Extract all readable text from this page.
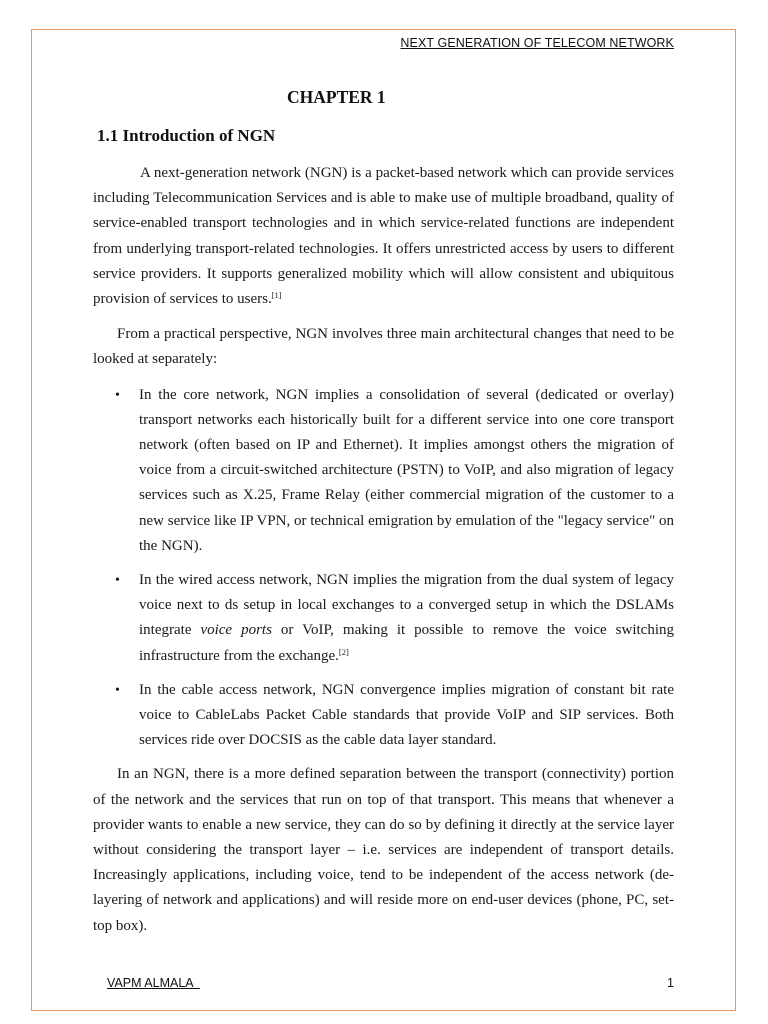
NEXT GENERATION OF TELECOM NETWORK
CHAPTER 1
1.1 Introduction of NGN

A next-generation network (NGN) is a packet-based network which can provide services including Telecommunication Services and is able to make use of multiple broadband, quality of service-enabled transport technologies and in which service-related functions are independent from underlying transport-related technologies. It offers unrestricted access by users to different service providers. It supports generalized mobility which will allow consistent and ubiquitous provision of services to users.[1]

From a practical perspective, NGN involves three main architectural changes that need to be looked at separately:

• In the core network, NGN implies a consolidation of several (dedicated or overlay) transport networks each historically built for a different service into one core transport network (often based on IP and Ethernet). It implies amongst others the migration of voice from a circuit-switched architecture (PSTN) to VoIP, and also migration of legacy services such as X.25, Frame Relay (either commercial migration of the customer to a new service like IP VPN, or technical emigration by emulation of the "legacy service" on the NGN).
• In the wired access network, NGN implies the migration from the dual system of legacy voice next to ds setup in local exchanges to a converged setup in which the DSLAMs integrate voice ports or VoIP, making it possible to remove the voice switching infrastructure from the exchange.[2]
• In the cable access network, NGN convergence implies migration of constant bit rate voice to CableLabs Packet Cable standards that provide VoIP and SIP services. Both services ride over DOCSIS as the cable data layer standard.

In an NGN, there is a more defined separation between the transport (connectivity) portion of the network and the services that run on top of that transport. This means that whenever a provider wants to enable a new service, they can do so by defining it directly at the service layer without considering the transport layer – i.e. services are independent of transport details. Increasingly applications, including voice, tend to be independent of the access network (de-layering of network and applications) and will reside more on end-user devices (phone, PC, set-top box).

VAPM ALMALA	1
